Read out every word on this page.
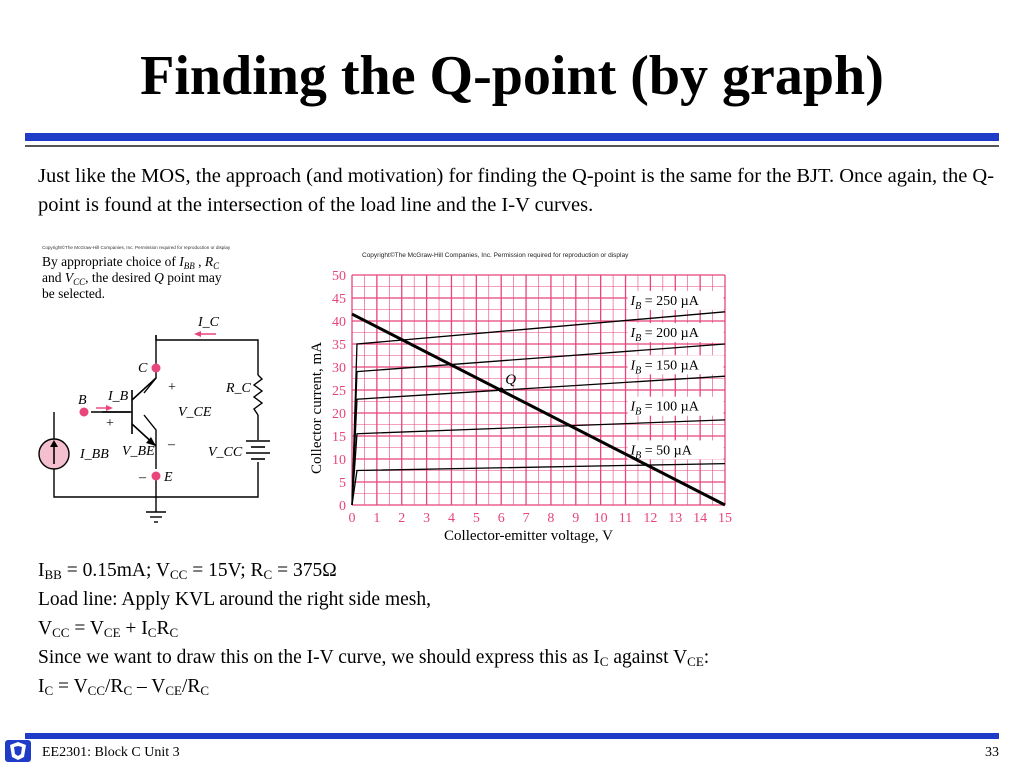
Finding the Q-point (by graph)
Just like the MOS, the approach (and motivation) for finding the Q-point is the same for the BJT. Once again, the Q-point is found at the intersection of the load line and the I-V curves.
Copyright©The McGraw-Hill Companies, Inc. Permission required for reproduction or display
By appropriate choice of $I_{BB}$ , $R_C$
and $V_{CC}$, the desired Q point may
be selected.
I_C
C
B
E
I_B
V_CE
V_BE
R_C
V_CC
I_BB
+
+
–
–
Copyright©The McGraw-Hill Companies, Inc. Permission required for reproduction or display
0 1 2 3 4 5 6 7 8 9 10 11 12 13 14 15
0
5
10
15
20
25
30
35
40
45
50
$I_B = 250$ µA
$I_B = 200$ µA
$I_B = 150$ µA
$I_B = 100$ µA
$I_B = 50$ µA
Q
Collector-emitter voltage, V
Collector current, mA
$I_{BB} = 0.15mA$; $V_{CC} = 15V$; $R_C = 375\Omega$
Load line: Apply KVL around the right side mesh,
$V_{CC} = V_{CE} + I_CR_C$
Since we want to draw this on the I-V curve, we should express this as $I_C$ against $V_{CE}$:
$I_C = V_{CC}/R_C - V_{CE}/R_C$
EE2301: Block C Unit 3	33
